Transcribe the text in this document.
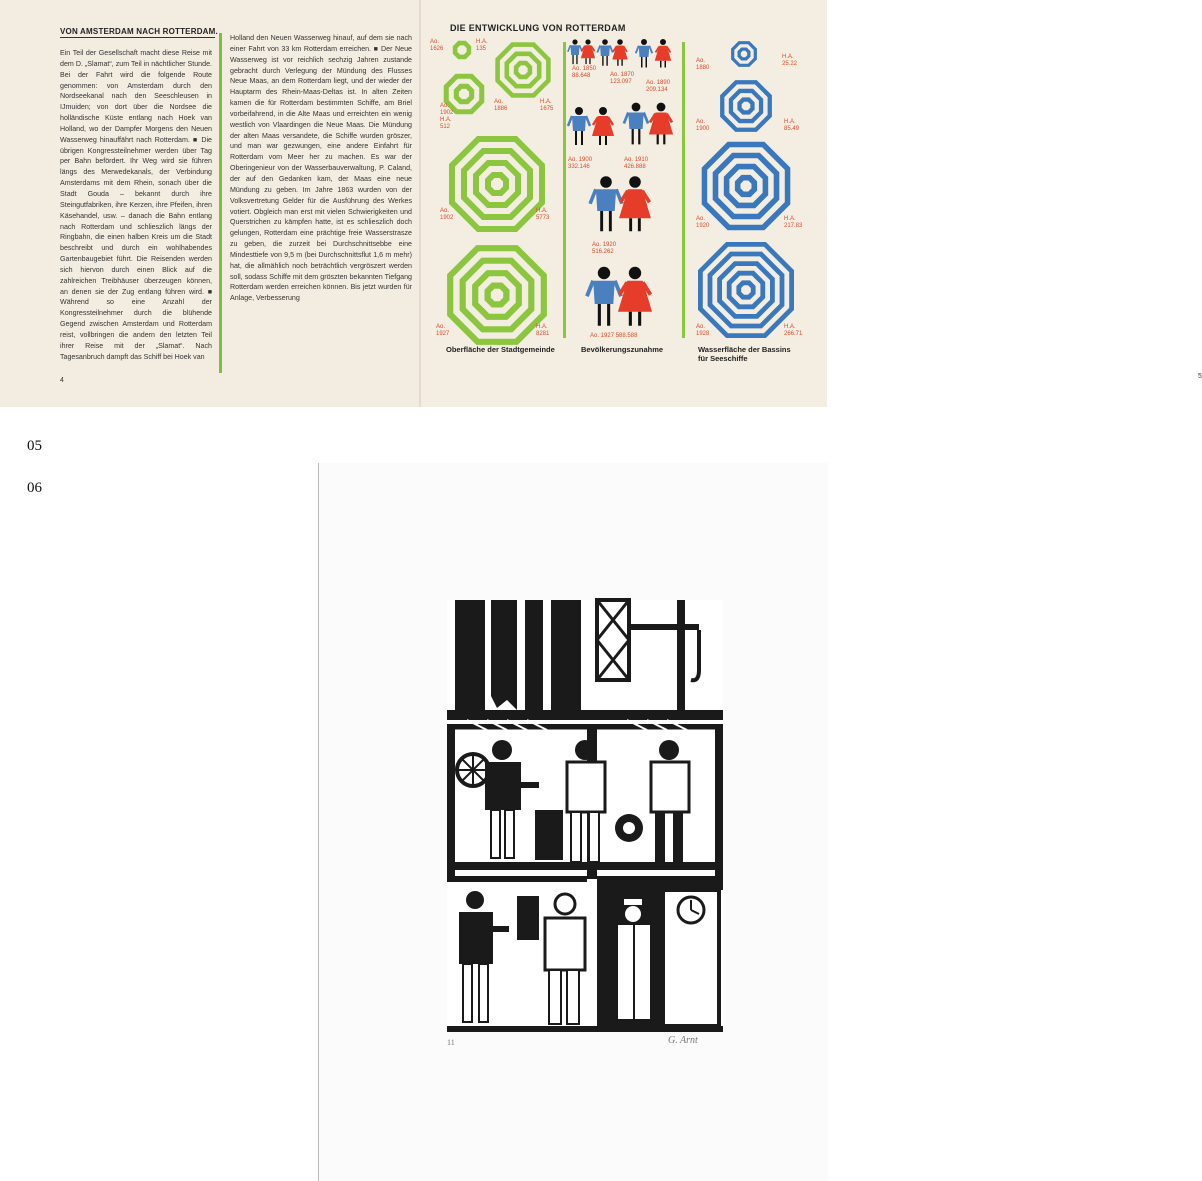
VON AMSTERDAM NACH ROTTERDAM.
Ein Teil der Gesellschaft macht diese Reise mit dem D. „Slamat“, zum Teil in nächtlicher Stunde. Bei der Fahrt wird die folgende Route genommen: von Amsterdam durch den Nordseekanal nach den Seeschleusen in IJmuiden; von dort über die Nordsee die holländische Küste entlang nach Hoek van Holland, wo der Dampfer Morgens den Neuen Wasserweg hinauffährt nach Rotterdam. ■ Die übrigen Kongressteilnehmer werden über Tag per Bahn befördert. Ihr Weg wird sie führen längs des Merwedekanals, der Verbindung Amsterdams mit dem Rhein, sonach über die Stadt Gouda – bekannt durch ihre Steingutfabriken, ihre Kerzen, ihre Pfeifen, ihren Käsehandel, usw. – danach die Bahn entlang nach Rotterdam und schlieszlich längs der Ringbahn, die einen halben Kreis um die Stadt beschreibt und durch ein wohlhabendes Gartenbaugebiet führt. Die Reisenden werden sich hiervon durch einen Blick auf die zahlreichen Treibhäuser überzeugen können, an denen sie der Zug entlang führen wird. ■ Während so eine Anzahl der Kongressteilnehmer durch die blühende Gegend zwischen Amsterdam und Rotterdam reist, vollbringen die andern den letzten Teil ihrer Reise mit der „Slamat“. Nach Tagesanbruch dampft das Schiff bei Hoek van
Holland den Neuen Wasserweg hinauf, auf dem sie nach einer Fahrt von 33 km Rotterdam erreichen. ■ Der Neue Wasserweg ist vor reichlich sechzig Jahren zustande gebracht durch Verlegung der Mündung des Flusses Neue Maas, an dem Rotterdam liegt, und der wieder der Hauptarm des Rhein-Maas-Deltas ist. In alten Zeiten kamen die für Rotterdam bestimmten Schiffe, am Briel vorbeifahrend, in die Alte Maas und erreichten ein wenig westlich von Vlaardingen die Neue Maas. Die Mündung der alten Maas versandete, die Schiffe wurden gröszer, und man war gezwungen, eine andere Einfahrt für Rotterdam vom Meer her zu machen. Es war der Oberingenieur von der Wasserbauverwaltung, P. Caland, der auf den Gedanken kam, der Maas eine neue Mündung zu geben. Im Jahre 1863 wurden von der Volksvertretung Gelder für die Ausführung des Werkes votiert. Obgleich man erst mit vielen Schwierigkeiten und Querstrichen zu kämpfen hatte, ist es schlieszlich doch gelungen, Rotterdam eine prächtige freie Wasserstrasze zu geben, die zurzeit bei Durchschnittsebbe eine Mindesttiefe von 9,5 m (bei Durchschnittsflut 1,6 m mehr) hat, die allmählich noch beträchtlich vergröszert werden soll, sodass Schiffe mit dem gröszten bekannten Tiefgang Rotterdam werden erreichen können. Bis jetzt wurden für Anlage, Verbesserung
4
5
DIE ENTWICKLUNG VON ROTTERDAM
Ao.
1626
H.A.
135
Ao.
1902
H.A.
512
Ao.
1886
H.A.
1675
Ao.
1902
H.A.
5773
Ao.
1927
H.A.
8281
Oberfläche der Stadtgemeinde
Ao. 1850
88.648	Ao. 1870
123.097	Ao. 1890
209.134
Ao. 1900
332.146
Ao. 1910
426.888
Ao. 1920
516.262
Ao. 1927 588.588
Bevölkerungszunahme
Ao.
1880
H.A.
25.22
Ao.
1900
H.A.
85.49
Ao.
1920
H.A.
217.83
Ao.
1928
H.A.
266.71
Wasserfläche der Bassins
für Seeschiffe
05
06
11	G. Arnt
